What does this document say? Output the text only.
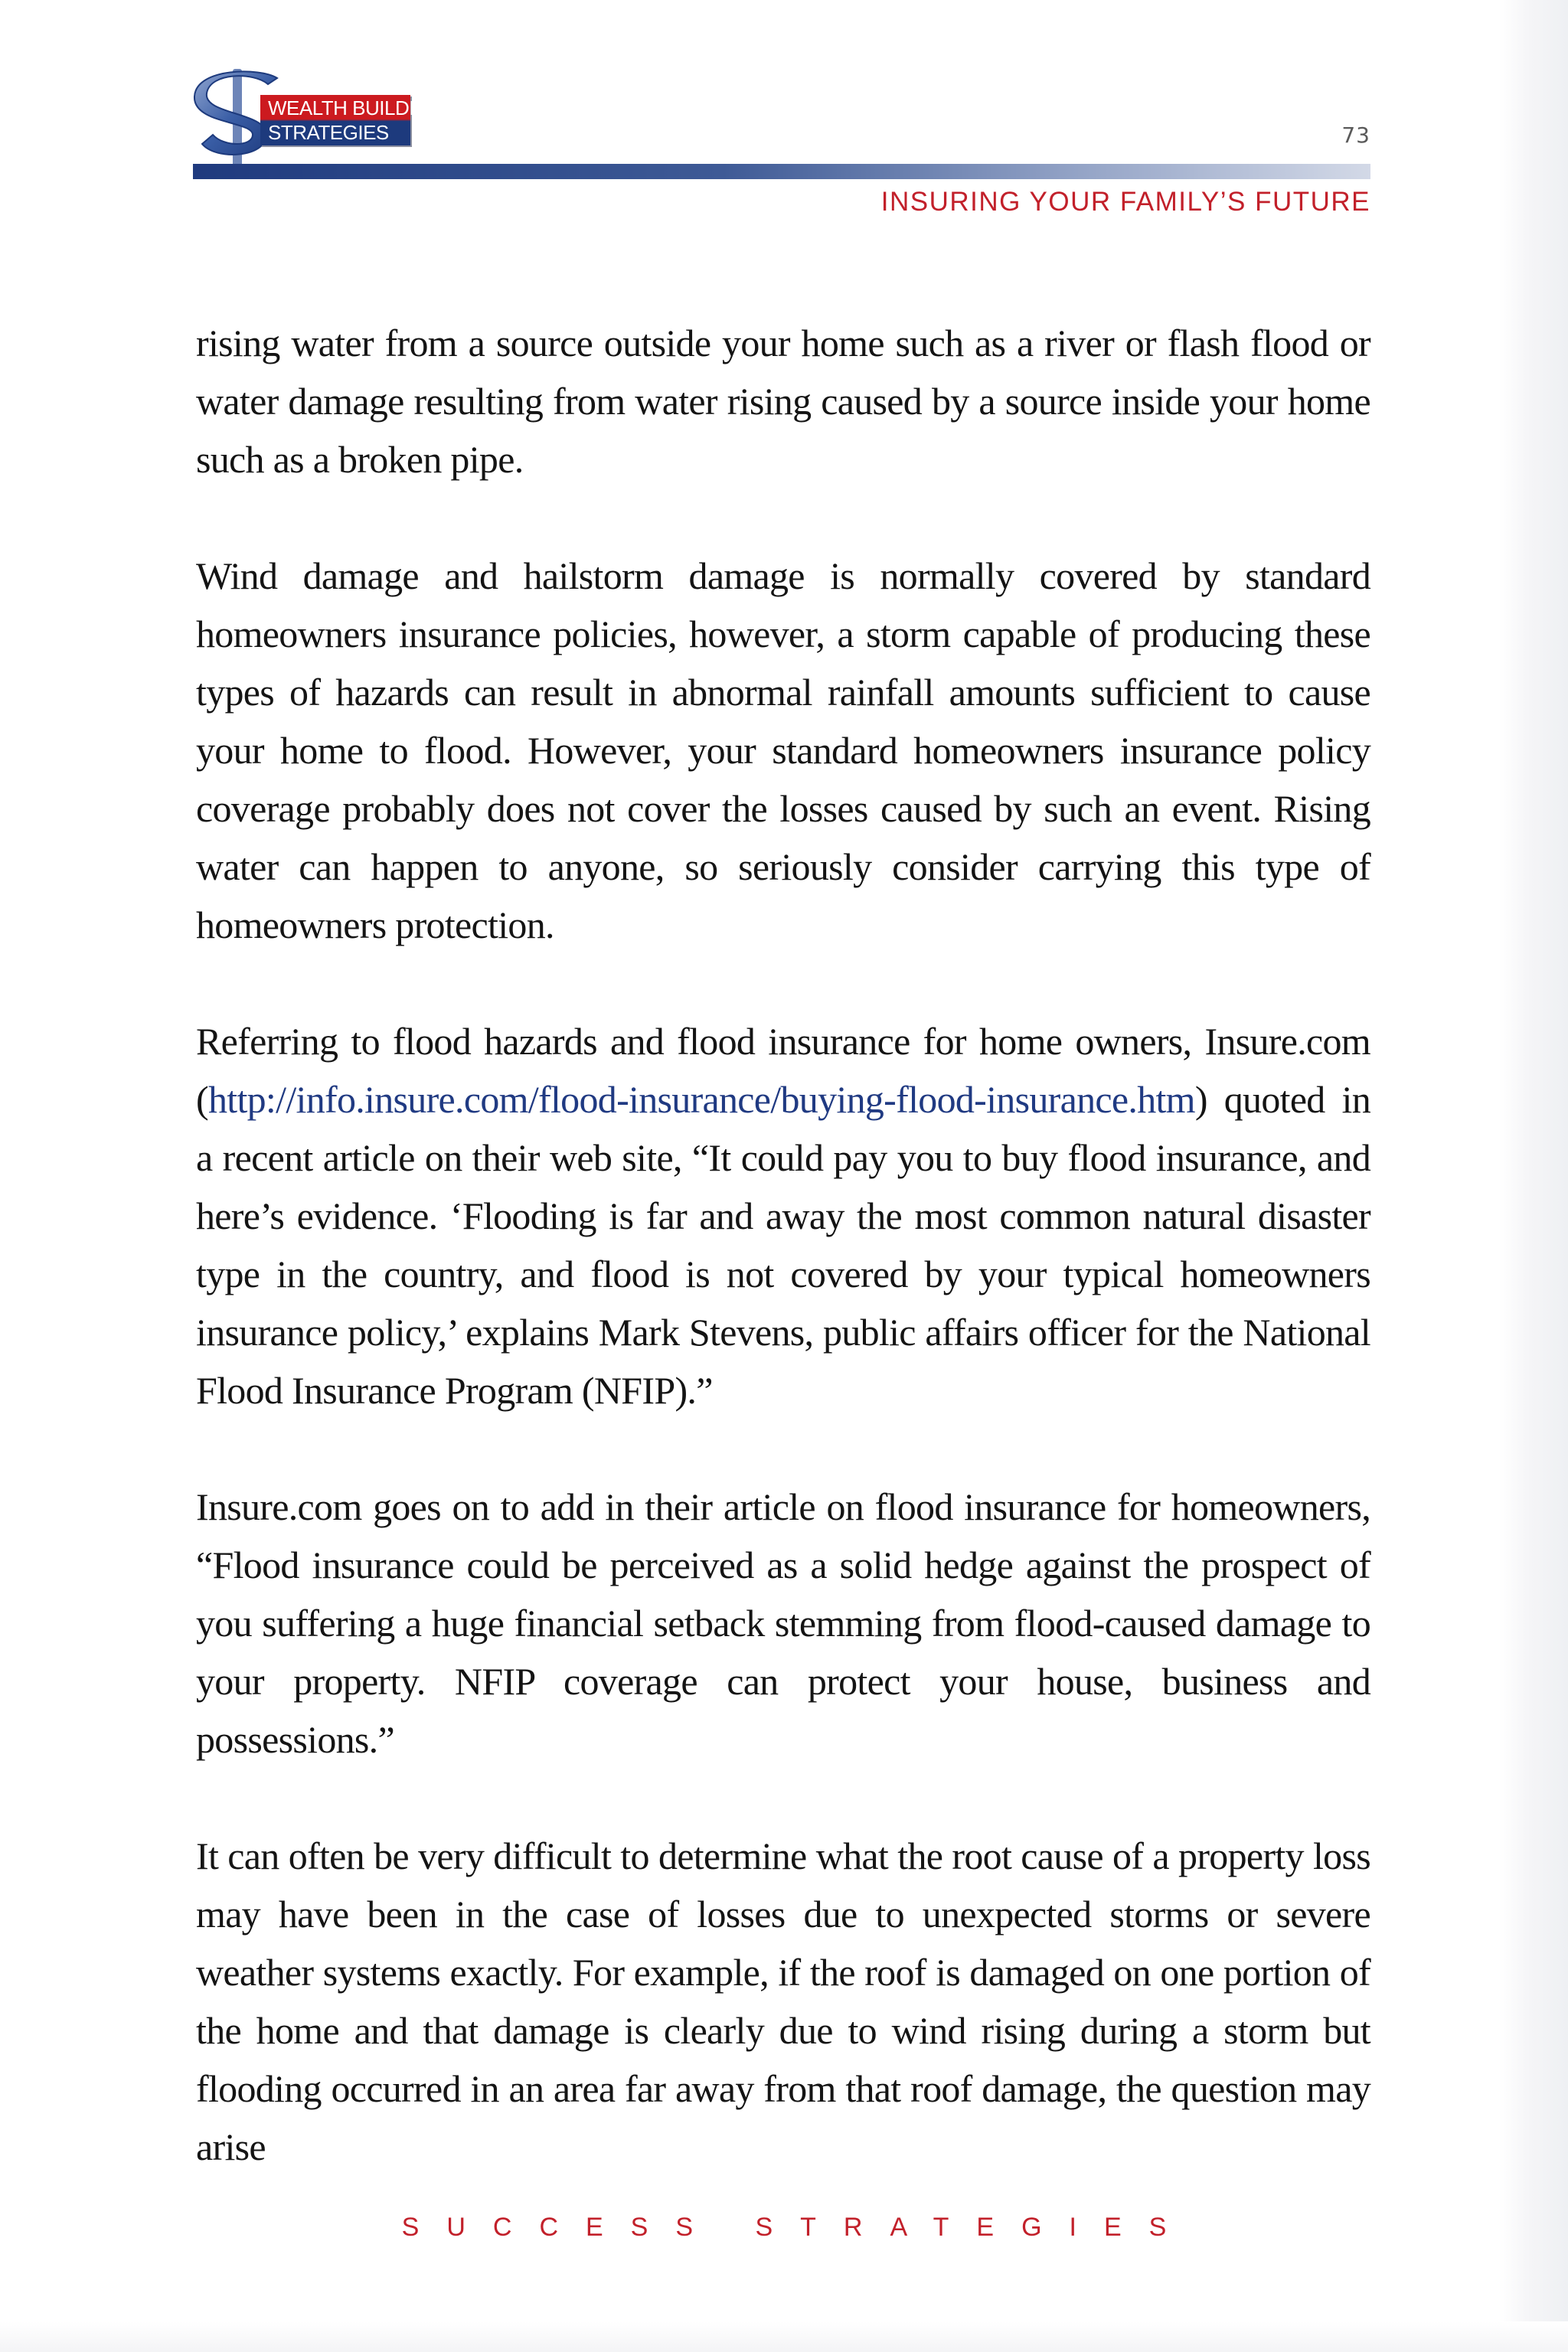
WEALTH BUILDING
STRATEGIES	73
INSURING YOUR FAMILY’S FUTURE

rising water from a source outside your home such as a river or flash flood or water damage resulting from water rising caused by a source inside your home such as a broken pipe.

Wind damage and hailstorm damage is normally covered by standard homeowners insurance policies, however, a storm capable of producing these types of hazards can result in abnormal rainfall amounts sufficient to cause your home to flood. However, your standard homeowners insurance policy coverage probably does not cover the losses caused by such an event. Rising water can happen to anyone, so seriously consider carrying this type of homeowners protection.

Referring to flood hazards and flood insurance for home owners, Insure.com (http://info.insure.com/flood-insurance/buying-flood-insurance.htm) quoted in a recent article on their web site, “It could pay you to buy flood insurance, and here’s evidence. ‘Flooding is far and away the most common natural disaster type in the country, and flood is not covered by your typical homeowners insurance policy,’ explains Mark Stevens, public affairs officer for the National Flood Insurance Program (NFIP).”

Insure.com goes on to add in their article on flood insurance for homeowners, “Flood insurance could be perceived as a solid hedge against the prospect of you suffering a huge financial setback stemming from flood-caused damage to your property. NFIP coverage can protect your house, business and possessions.”

It can often be very difficult to determine what the root cause of a property loss may have been in the case of losses due to unexpected storms or severe weather systems exactly. For example, if the roof is damaged on one portion of the home and that damage is clearly due to wind rising during a storm but flooding occurred in an area far away from that roof damage, the question may arise

SUCCESS STRATEGIES
